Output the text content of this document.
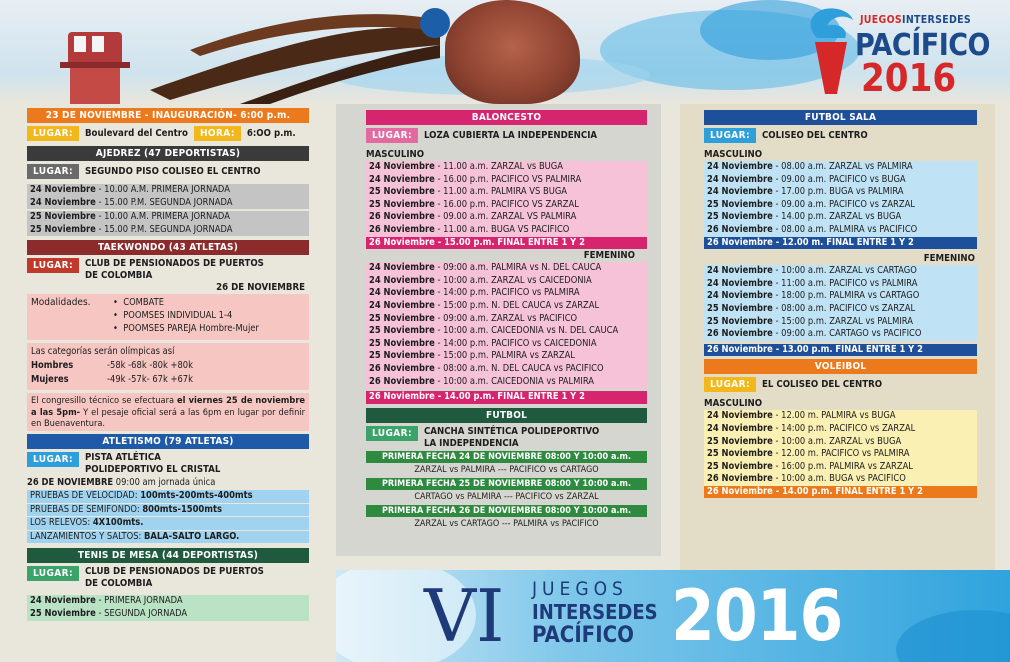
JUEGOSINTERSEDES
PACÍFICO
2016
23 DE NOVIEMBRE - INAUGURACIÓN- 6:00 p.m.
LUGAR: Boulevard del Centro HORA: 6:OO p.m.
AJEDREZ (47 DEPORTISTAS)
LUGAR: SEGUNDO PISO COLISEO EL CENTRO
24 Noviembre - 10.00 A.M. PRIMERA JORNADA
24 Noviembre - 15.00 P.M. SEGUNDA JORNADA
25 Noviembre - 10.00 A.M. PRIMERA JORNADA
25 Noviembre - 15.00 P.M. SEGUNDA JORNADA
TAEKWONDO (43 ATLETAS)
LUGAR: CLUB DE PENSIONADOS DE PUERTOS
DE COLOMBIA
26 DE NOVIEMBRE
Modalidades. •  COMBATE
•  POOMSES INDIVIDUAL 1-4
•  POOMSES PAREJA Hombre-Mujer
Las categorías serán olímpicas así
Hombres	-58k -68k -80k +80k
Mujeres	-49k -57k- 67k +67k
El congresillo técnico se efectuara el viernes 25 de noviembre a las 5pm- Y el pesaje oficial será a las 6pm en lugar por definir en Buenaventura.
ATLETISMO (79 ATLETAS)
LUGAR: PISTA ATLÉTICA
POLIDEPORTIVO EL CRISTAL
26 DE NOVIEMBRE 09:00 am jornada única
PRUEBAS DE VELOCIDAD: 100mts-200mts-400mts
PRUEBAS DE SEMIFONDO: 800mts-1500mts
LOS RELEVOS: 4X100mts.
LANZAMIENTOS Y SALTOS: BALA-SALTO LARGO.
TENIS DE MESA (44 DEPORTISTAS)
LUGAR: CLUB DE PENSIONADOS DE PUERTOS
DE COLOMBIA
24 Noviembre - PRIMERA JORNADA
25 Noviembre - SEGUNDA JORNADA
BALONCESTO
LUGAR: LOZA CUBIERTA LA INDEPENDENCIA
MASCULINO
24 Noviembre - 11.00 a.m. ZARZAL vs BUGA
24 Noviembre - 16.00 p.m. PACÍFICO VS PALMIRA
25 Noviembre - 11.00 a.m. PALMIRA VS BUGA
25 Noviembre - 16.00 p.m. PACÍFICO VS ZARZAL
26 Noviembre - 09.00 a.m. ZARZAL VS PALMIRA
26 Noviembre - 11.00 a.m. BUGA VS PACÍFICO
26 Noviembre - 15.00 p.m. FINAL ENTRE 1 Y 2
FEMENINO
24 Noviembre - 09:00 a.m. PALMIRA vs N. DEL CAUCA
24 Noviembre - 10:00 a.m. ZARZAL vs CAICEDONIA
24 Noviembre - 14:00 p.m. PACIFICO vs PALMIRA
24 Noviembre - 15:00 p.m. N. DEL CAUCA vs ZARZAL
25 Noviembre - 09:00 a.m. ZARZAL vs PACIFICO
25 Noviembre - 10:00 a.m. CAICEDONIA vs N. DEL CAUCA
25 Noviembre - 14:00 p.m. PACIFICO vs CAICEDONIA
25 Noviembre - 15:00 p.m. PALMIRA vs ZARZAL
26 Noviembre - 08:00 a.m. N. DEL CAUCA vs PACIFICO
26 Noviembre - 10:00 a.m. CAICEDONIA vs PALMIRA
26 Noviembre - 14.00 p.m. FINAL ENTRE 1 Y 2
FUTBOL
LUGAR: CANCHA SINTÉTICA POLIDEPORTIVO
LA INDEPENDENCIA
PRIMERA FECHA 24 DE NOVIEMBRE 08:00 Y 10:00 a.m.
ZARZAL vs PALMIRA --- PACIFICO vs CARTAGO
PRIMERA FECHA 25 DE NOVIEMBRE 08:00 Y 10:00 a.m.
CARTAGO vs PALMIRA --- PACIFICO vs ZARZAL
PRIMERA FECHA 26 DE NOVIEMBRE 08:00 Y 10:00 a.m.
ZARZAL vs CARTAGO --- PALMIRA vs PACIFICO
FUTBOL SALA
LUGAR: COLISEO DEL CENTRO
MASCULINO
24 Noviembre - 08.00 a.m. ZARZAL vs PALMIRA
24 Noviembre - 09.00 a.m. PACIFICO vs BUGA
24 Noviembre - 17.00 p.m. BUGA vs PALMIRA
25 Noviembre - 09.00 a.m. PACIFICO vs ZARZAL
25 Noviembre - 14.00 p.m. ZARZAL vs BUGA
26 Noviembre - 08.00 a.m. PALMIRA vs PACIFICO
26 Noviembre - 12.00 m. FINAL ENTRE 1 Y 2
FEMENINO
24 Noviembre - 10:00 a.m. ZARZAL vs CARTAGO
24 Noviembre - 11:00 a.m. PACIFICO vs PALMIRA
24 Noviembre - 18:00 p.m. PALMIRA vs CARTAGO
25 Noviembre - 08:00 a.m. PACIFICO vs ZARZAL
25 Noviembre - 15:00 p.m. ZARZAL vs PALMIRA
26 Noviembre - 09:00 a.m. CARTAGO vs PACIFICO
26 Noviembre - 13.00 p.m. FINAL ENTRE 1 Y 2
VOLEIBOL
LUGAR: EL COLISEO DEL CENTRO
MASCULINO
24 Noviembre - 12.00 m. PALMIRA vs BUGA
24 Noviembre - 14:00 p.m. PACIFICO vs ZARZAL
25 Noviembre - 10:00 a.m. ZARZAL vs BUGA
25 Noviembre - 12.00 m. PACIFICO vs PALMIRA
25 Noviembre - 16:00 p.m. PALMIRA vs ZARZAL
26 Noviembre - 10:00 a.m. BUGA vs PACIFICO
26 Noviembre - 14.00 p.m. FINAL ENTRE 1 Y 2
VI JUEGOS
INTERSEDES
PACÍFICO 2016
